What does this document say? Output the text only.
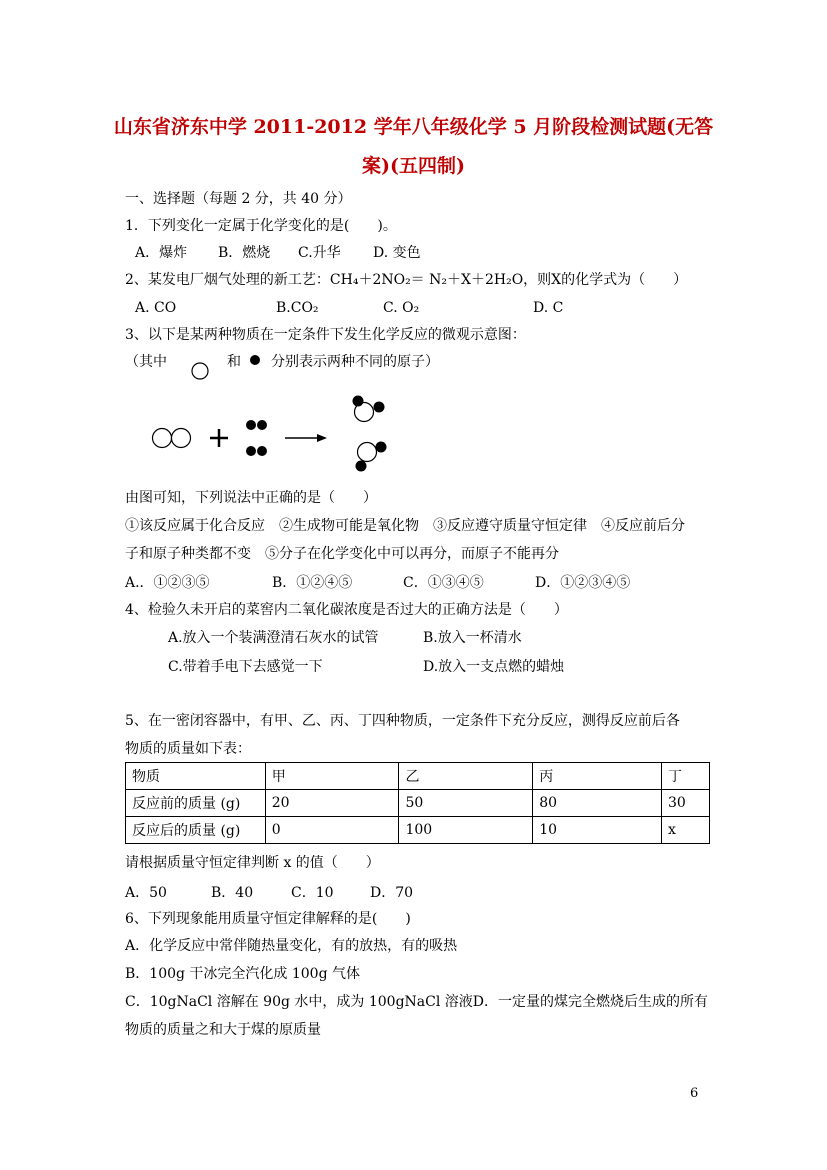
山东省济东中学 2011-2012 学年八年级化学 5 月阶段检测试题(无答
案)(五四制)
一、选择题（每题 2 分，共 40 分）
1．下列变化一定属于化学变化的是(　　)。
A．爆炸 B．燃烧 C.升华 D. 变色
2、某发电厂烟气处理的新工艺：CH₄＋2NO₂＝ N₂＋X＋2H₂O，则X的化学式为（　　）
A. CO	B.CO₂	C. O₂	D. C
3、以下是某两种物质在一定条件下发生化学反应的微观示意图：
（其中	和 分别表示两种不同的原子）
由图可知，下列说法中正确的是（　　）
①该反应属于化合反应　②生成物可能是氧化物　③反应遵守质量守恒定律　④反应前后分
子和原子种类都不变　⑤分子在化学变化中可以再分，而原子不能再分
A.．①②③⑤	B．①②④⑤	C．①③④⑤	D．①②③④⑤
4、检验久未开启的菜窖内二氧化碳浓度是否过大的正确方法是（　　）
A.放入一个装满澄清石灰水的试管	B.放入一杯清水
C.带着手电下去感觉一下	D.放入一支点燃的蜡烛
5、在一密闭容器中，有甲、乙、丙、丁四种物质，一定条件下充分反应，测得反应前后各
物质的质量如下表：
物质	甲	乙	丙	丁
反应前的质量 (g)	20	50	80	30
反应后的质量 (g)	0	100	10	x
请根据质量守恒定律判断 x 的值（　　）
A．50	B．40	C．10	D．70
6、下列现象能用质量守恒定律解释的是(　　)
A．化学反应中常伴随热量变化，有的放热，有的吸热
B．100g 干冰完全汽化成 100g 气体
C．10gNaCl 溶解在 90g 水中，成为 100gNaCl 溶液D．一定量的煤完全燃烧后生成的所有
物质的质量之和大于煤的原质量
6
